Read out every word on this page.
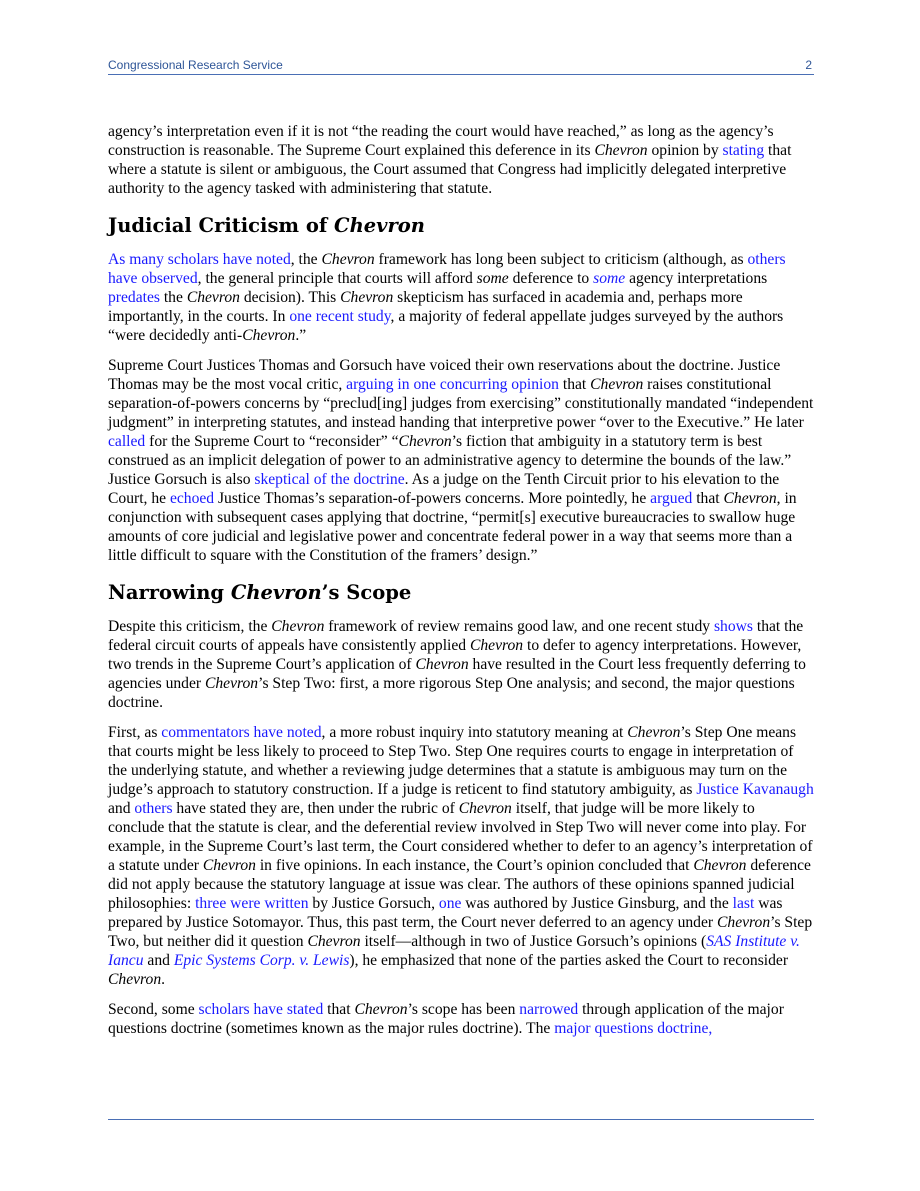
Congressional Research Service	2

agency’s interpretation even if it is not “the reading the court would have reached,” as long as the agency’s construction is reasonable. The Supreme Court explained this deference in its Chevron opinion by stating that where a statute is silent or ambiguous, the Court assumed that Congress had implicitly delegated interpretive authority to the agency tasked with administering that statute.

Judicial Criticism of Chevron

As many scholars have noted, the Chevron framework has long been subject to criticism (although, as others have observed, the general principle that courts will afford some deference to some agency interpretations predates the Chevron decision). This Chevron skepticism has surfaced in academia and, perhaps more importantly, in the courts. In one recent study, a majority of federal appellate judges surveyed by the authors “were decidedly anti-Chevron.”

Supreme Court Justices Thomas and Gorsuch have voiced their own reservations about the doctrine. Justice Thomas may be the most vocal critic, arguing in one concurring opinion that Chevron raises constitutional separation-of-powers concerns by “preclud[ing] judges from exercising” constitutionally mandated “independent judgment” in interpreting statutes, and instead handing that interpretive power “over to the Executive.” He later called for the Supreme Court to “reconsider” “Chevron’s fiction that ambiguity in a statutory term is best construed as an implicit delegation of power to an administrative agency to determine the bounds of the law.” Justice Gorsuch is also skeptical of the doctrine. As a judge on the Tenth Circuit prior to his elevation to the Court, he echoed Justice Thomas’s separation-of-powers concerns. More pointedly, he argued that Chevron, in conjunction with subsequent cases applying that doctrine, “permit[s] executive bureaucracies to swallow huge amounts of core judicial and legislative power and concentrate federal power in a way that seems more than a little difficult to square with the Constitution of the framers’ design.”

Narrowing Chevron’s Scope

Despite this criticism, the Chevron framework of review remains good law, and one recent study shows that the federal circuit courts of appeals have consistently applied Chevron to defer to agency interpretations. However, two trends in the Supreme Court’s application of Chevron have resulted in the Court less frequently deferring to agencies under Chevron’s Step Two: first, a more rigorous Step One analysis; and second, the major questions doctrine.

First, as commentators have noted, a more robust inquiry into statutory meaning at Chevron’s Step One means that courts might be less likely to proceed to Step Two. Step One requires courts to engage in interpretation of the underlying statute, and whether a reviewing judge determines that a statute is ambiguous may turn on the judge’s approach to statutory construction. If a judge is reticent to find statutory ambiguity, as Justice Kavanaugh and others have stated they are, then under the rubric of Chevron itself, that judge will be more likely to conclude that the statute is clear, and the deferential review involved in Step Two will never come into play. For example, in the Supreme Court’s last term, the Court considered whether to defer to an agency’s interpretation of a statute under Chevron in five opinions. In each instance, the Court’s opinion concluded that Chevron deference did not apply because the statutory language at issue was clear. The authors of these opinions spanned judicial philosophies: three were written by Justice Gorsuch, one was authored by Justice Ginsburg, and the last was prepared by Justice Sotomayor. Thus, this past term, the Court never deferred to an agency under Chevron’s Step Two, but neither did it question Chevron itself—although in two of Justice Gorsuch’s opinions (SAS Institute v. Iancu and Epic Systems Corp. v. Lewis), he emphasized that none of the parties asked the Court to reconsider Chevron.

Second, some scholars have stated that Chevron’s scope has been narrowed through application of the major questions doctrine (sometimes known as the major rules doctrine). The major questions doctrine,
